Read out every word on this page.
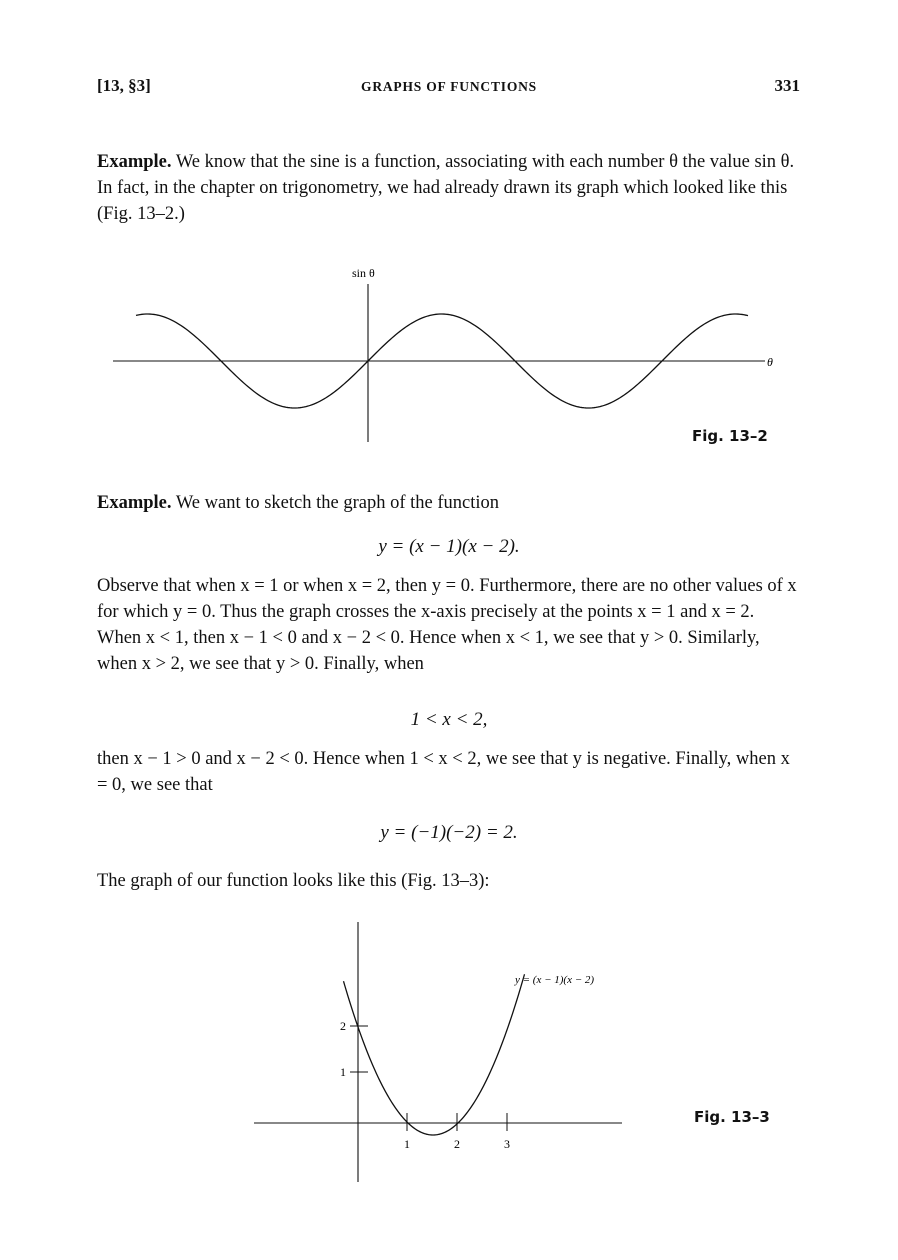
[13, §3]	GRAPHS OF FUNCTIONS	331
Example. We know that the sine is a function, associating with each number θ the value sin θ. In fact, in the chapter on trigonometry, we had already drawn its graph which looked like this (Fig. 13–2.)
sin θ
θ
Fig. 13–2
Example. We want to sketch the graph of the function
y = (x − 1)(x − 2).
Observe that when x = 1 or when x = 2, then y = 0. Furthermore, there are no other values of x for which y = 0. Thus the graph crosses the x-axis precisely at the points x = 1 and x = 2. When x < 1, then x − 1 < 0 and x − 2 < 0. Hence when x < 1, we see that y > 0. Similarly, when x > 2, we see that y > 0. Finally, when
1 < x < 2,
then x − 1 > 0 and x − 2 < 0. Hence when 1 < x < 2, we see that y is negative. Finally, when x = 0, we see that
y = (−1)(−2) = 2.
The graph of our function looks like this (Fig. 13–3):
1	2	3
1
2
y = (x − 1)(x − 2)
Fig. 13–3
